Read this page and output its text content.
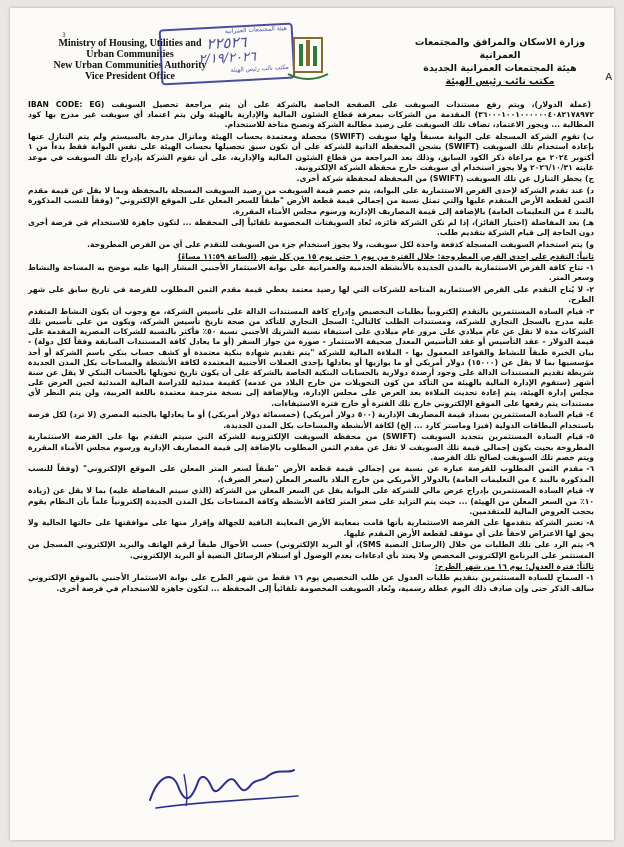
3
Ministry of Housing, Utilities and
Urban Communities
New Urban Communities Authority
Vice President Office
هيئة المجتمعات العمرانية
٢٢٥٢٦
٢/١٩/٢٠٢٦
مكتب نائب رئيس الهيئة
وزارة الاسكان والمرافق والمجتمعات العمرانية
هيئة المجتمعات العمرانية الجديدة
مكتب نائب رئيس الهيئة	A
(عملة الدولار)، ويتم رفع مستندات السويفت على الصفحة الخاصة بالشركة على أن يتم مراجعة تحصيل السويفت (IBAN CODE: EG ٣٦٠٠٠١٠٠١٠٠٠٠٠٠٤٠٨٢١٧٨٩٧٢) المقدمة من الشركات بمعرفة قطاع الشئون المالية والإدارية بالهيئة ولن يتم اعتماد أي سويفت غير مدرج بها كود المطالبة ... ويجوز الاعتماد، تضاف تلك السويفت على رصيد مطالبة الشركة وتصبح متاحة للاستخدام.
ب)تقوم الشركة المسجلة على البوابة مسبقاً ولها سويفت (SWIFT) محصلة ومعتمدة بحساب الهيئة وماتزال مدرجة بالسيستم ولم يتم التنازل عنها بإعادة استخدام تلك السويفت (SWIFT) بشحن المحفظة الذاتية للشركة على أن تكون سبق تحصيلها بحساب الهيئة على نفس البوابة فقط بدءاً من ١ أكتوبر ٢٠٢٤ مع مراعاة ذكر الكود السابق، وذلك بعد المراجعة من قطاع الشئون المالية والإدارية، على أن تقوم الشركة بإدراج تلك السويفت في موعد غايته ٢٠٢٦/١٠/٣١ ولا يجوز استخدام أي سويفت خارج محفظة الشركة الإلكترونية.
ج)يحظر التنازل عن تلك السويفت (SWIFT) من المحفظة لمحفظة شركة أخرى.
د)عند تقدم الشركة لإحدى الفرص الاستثمارية على البوابة، يتم خصم قيمة السويفت من رصيد السويفت المسجلة بالمحفظة وبما لا يقل عن قيمة مقدم الثمن لقطعة الأرض المتقدم عليها والتي تمثل نسبة من إجمالي قيمة قطعة الأرض "طبقاً للسعر المعلن على الموقع الإلكتروني" (وفقاً للنسب المذكورة بالبند ٤ من التعليمات العامة) بالإضافة إلى قيمة المصاريف الإدارية ورسوم مجلس الأمناء المقررة.
هـ)بعد المفاضلة (اختيار الفائز)، إذا لم تكن الشركة فائزة، تُعاد السويفتات المخصومة تلقائياً إلى المحفظة ... لتكون جاهزة للاستخدام في فرصة أخرى دون الحاجة إلى قيام الشركة بتقديم طلب.
و)يتم استخدام السويفت المسجلة كدفعة واحدة لكل سويفت، ولا يجوز استخدام جزء من السويفت للتقدم على أي من الفرص المطروحة.
ثانياً: التقدم على إحدى الفرص المطروحة: خلال الفترة من يوم ١ حتى يوم ١٥ من كل شهر (الساعة ١١:٥٩ مساءً)
١-تتاح كافة الفرص الاستثمارية بالمدن الجديدة بالأنشطة الخدمية والعمرانية على بوابة الاستثمار الأجنبي المشار إليها عليه موضح به المساحة والنشاط وسعر المتر.
٢-لا يُتاح التقدم على الفرص الاستثمارية المتاحة للشركات التي لها رصيد معتمد يغطي قيمة مقدم الثمن المطلوب للفرصة في تاريخ سابق على شهر الطرح.
٣-قيام السادة المستثمرين بالتقدم إلكترونياً بطلبات التخصيص وإدراج كافة المستندات الدالة على تأسيس الشركة، مع وجوب أن يكون النشاط المتقدم عليه مدرج بالسجل التجاري للشركة، ومستندات الطلب كالتالي: السجل التجاري للتأكد من صحة تاريخ تأسيس الشركة، ويكون من على تأسيس تلك الشركات مدة لا تقل عن عام ميلادي على مرور عام ميلادي على استيفاء نسبة الشريك الأجنبي نسبة ٥٠٪ فأكثر بالنسبة للشركات المصرية المقدمة على قيمة الدولار - عقد التأسيس أو عقد التأسيس المعدل صحيفة الاستثمار - صورة من جواز السفر (أو ما يعادل كافة المستندات السابقة وفقاً لكل دولة) - بيان الخبرة طبقاً للنشاط والقواعد المعمول بها - الملاءة المالية للشركة "يتم تقديم شهادة بنكية معتمدة أو كشف حساب بنكي باسم الشركة أو أحد مؤسسيها بما لا يقل عن (١٥٠٠٠) دولار أمريكي أو ما يوازيها أو يعادلها بإحدى العملات الأجنبية المعتمدة لكافة الأنشطة والمساحات بكل المدن الجديدة شريطة تقديم المستندات الدالة على وجود أرصدة دولارية بالحسابات البنكية الخاصة بالشركة على أن يكون تاريخ تحويلها بالحساب البنكي لا يقل عن سنة أشهر (ستقوم الإدارة المالية بالهيئة من التأكد من كون التحويلات من خارج البلاد من عدمه) كقيمة مبدئية للدراسة المالية المبدئية لحين العرض على مجلس إدارة الهيئة، يتم إعادة تحديث الملاءة بعد العرض على مجلس الإدارة، ويالإضافة إلى نسخة مترجمة معتمدة باللغة العربية، ولن يتم النظر لأي مستندات يتم رفعها على الموقع الإلكتروني خارج تلك الفترة أو خارج فترة الاستيفاءات.
٤-قيام السادة المستثمرين بسداد قيمة المصاريف الإدارية (٥٠٠ دولار أمريكي) (خمسمائة دولار أمريكي) أو ما يعادلها بالجنيه المصري (لا ترد) لكل فرصة باستخدام البطاقات الدولية (فيزا وماستر كارد ... إلخ) لكافة الأنشطة والمساحات بكل المدن الجديدة.
٥-قيام السادة المستثمرين بتحديد السويفت (SWIFT) من محفظة السويفت الإلكترونية للشركة التي سيتم التقدم بها على الفرصة الاستثمارية المطروحة بحيث يكون إجمالي قيمة تلك السويفت لا تقل عن مقدم الثمن المطلوب بالإضافة إلى قيمة المصاريف الإدارية ورسوم مجلس الأمناء المقررة ويتم خصم تلك السويفت لصالح تلك الفرصة.
٦-مقدم الثمن المطلوب للفرصة عبارة عن نسبة من إجمالي قيمة قطعة الأرض "طبقاً لسعر المتر المعلن على الموقع الإلكتروني" (وفقاً للنسب المذكورة بالبند ٤ من التعليمات العامة) بالدولار الأمريكي من خارج البلاد بالسعر المعلن (سعر الصرف).
٧-قيام السادة المستثمرين بإدراج عرض مالي للشركة على البوابة يقل عن السعر المعلن من الشركة (الذي سيتم المفاضلة عليه) بما لا يقل عن (زيادة ١٠٪ من السعر المعلن من الهيئة) ... حيث يتم التزايد على سعر المتر لكافة الأنشطة وكافة المساحات بكل المدن الجديدة إلكترونياً علماً بأن النظام يقوم بحجب العروض المالية للمتقدمين.
٨-تعتبر الشركة بتقدمها على الفرصة الاستثمارية بأنها قامت بمعاينة الأرض المعاينة النافية للجهالة وإقرار منها على موافقتها على حالتها الحالية ولا يحق لها الاعتراض لاحقاً على أي موقف لقطعة الأرض المقدم عليها.
٩-يتم الرد على تلك الطلبات من خلال (الرسائل النصية SMS)، أو البريد الإلكتروني) حسب الأحوال طبقاً لرقم الهاتف والبريد الإلكتروني المسجل من المستثمر على البرنامج الإلكتروني المخصص ولا يعتد بأي ادعاءات بعدم الوصول أو استلام الرسائل النصية أو البريد الإلكتروني.
ثالثاً: فترة العدول: يوم ١٦ من شهر الطرح:
١-السماح للسادة المستثمرين بتقديم طلبات العدول عن طلب التخصيص يوم ١٦ فقط من شهر الطرح على بوابة الاستثمار الأجنبي بالموقع الإلكتروني سالف الذكر حتى وإن صادف ذلك اليوم عطلة رسمية، وتُعاد السويفت المخصومة تلقائياً إلى المحفظة ... لتكون جاهزة للاستخدام في فرصة أخرى.
